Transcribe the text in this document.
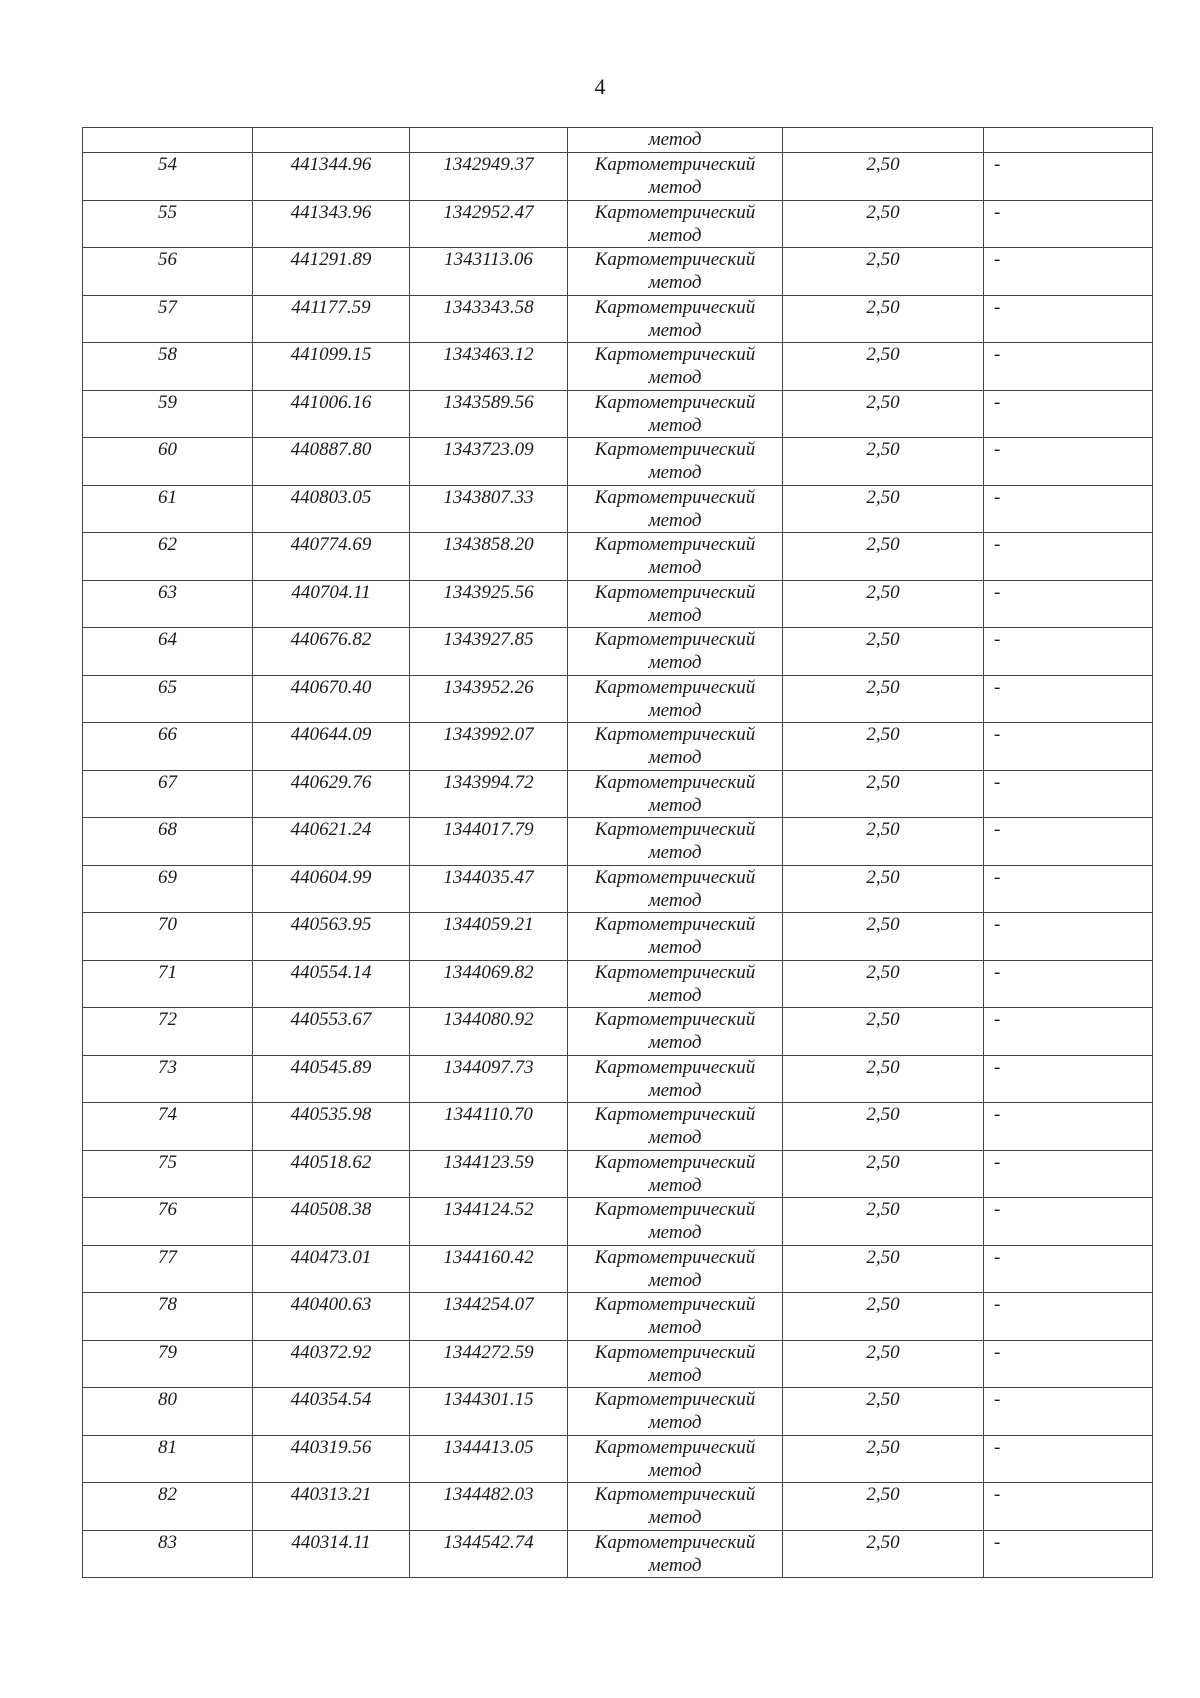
4
			метод		
54	441344.96	1342949.37	Картометрический
метод	2,50	-
55	441343.96	1342952.47	Картометрический
метод	2,50	-
56	441291.89	1343113.06	Картометрический
метод	2,50	-
57	441177.59	1343343.58	Картометрический
метод	2,50	-
58	441099.15	1343463.12	Картометрический
метод	2,50	-
59	441006.16	1343589.56	Картометрический
метод	2,50	-
60	440887.80	1343723.09	Картометрический
метод	2,50	-
61	440803.05	1343807.33	Картометрический
метод	2,50	-
62	440774.69	1343858.20	Картометрический
метод	2,50	-
63	440704.11	1343925.56	Картометрический
метод	2,50	-
64	440676.82	1343927.85	Картометрический
метод	2,50	-
65	440670.40	1343952.26	Картометрический
метод	2,50	-
66	440644.09	1343992.07	Картометрический
метод	2,50	-
67	440629.76	1343994.72	Картометрический
метод	2,50	-
68	440621.24	1344017.79	Картометрический
метод	2,50	-
69	440604.99	1344035.47	Картометрический
метод	2,50	-
70	440563.95	1344059.21	Картометрический
метод	2,50	-
71	440554.14	1344069.82	Картометрический
метод	2,50	-
72	440553.67	1344080.92	Картометрический
метод	2,50	-
73	440545.89	1344097.73	Картометрический
метод	2,50	-
74	440535.98	1344110.70	Картометрический
метод	2,50	-
75	440518.62	1344123.59	Картометрический
метод	2,50	-
76	440508.38	1344124.52	Картометрический
метод	2,50	-
77	440473.01	1344160.42	Картометрический
метод	2,50	-
78	440400.63	1344254.07	Картометрический
метод	2,50	-
79	440372.92	1344272.59	Картометрический
метод	2,50	-
80	440354.54	1344301.15	Картометрический
метод	2,50	-
81	440319.56	1344413.05	Картометрический
метод	2,50	-
82	440313.21	1344482.03	Картометрический
метод	2,50	-
83	440314.11	1344542.74	Картометрический
метод	2,50	-
